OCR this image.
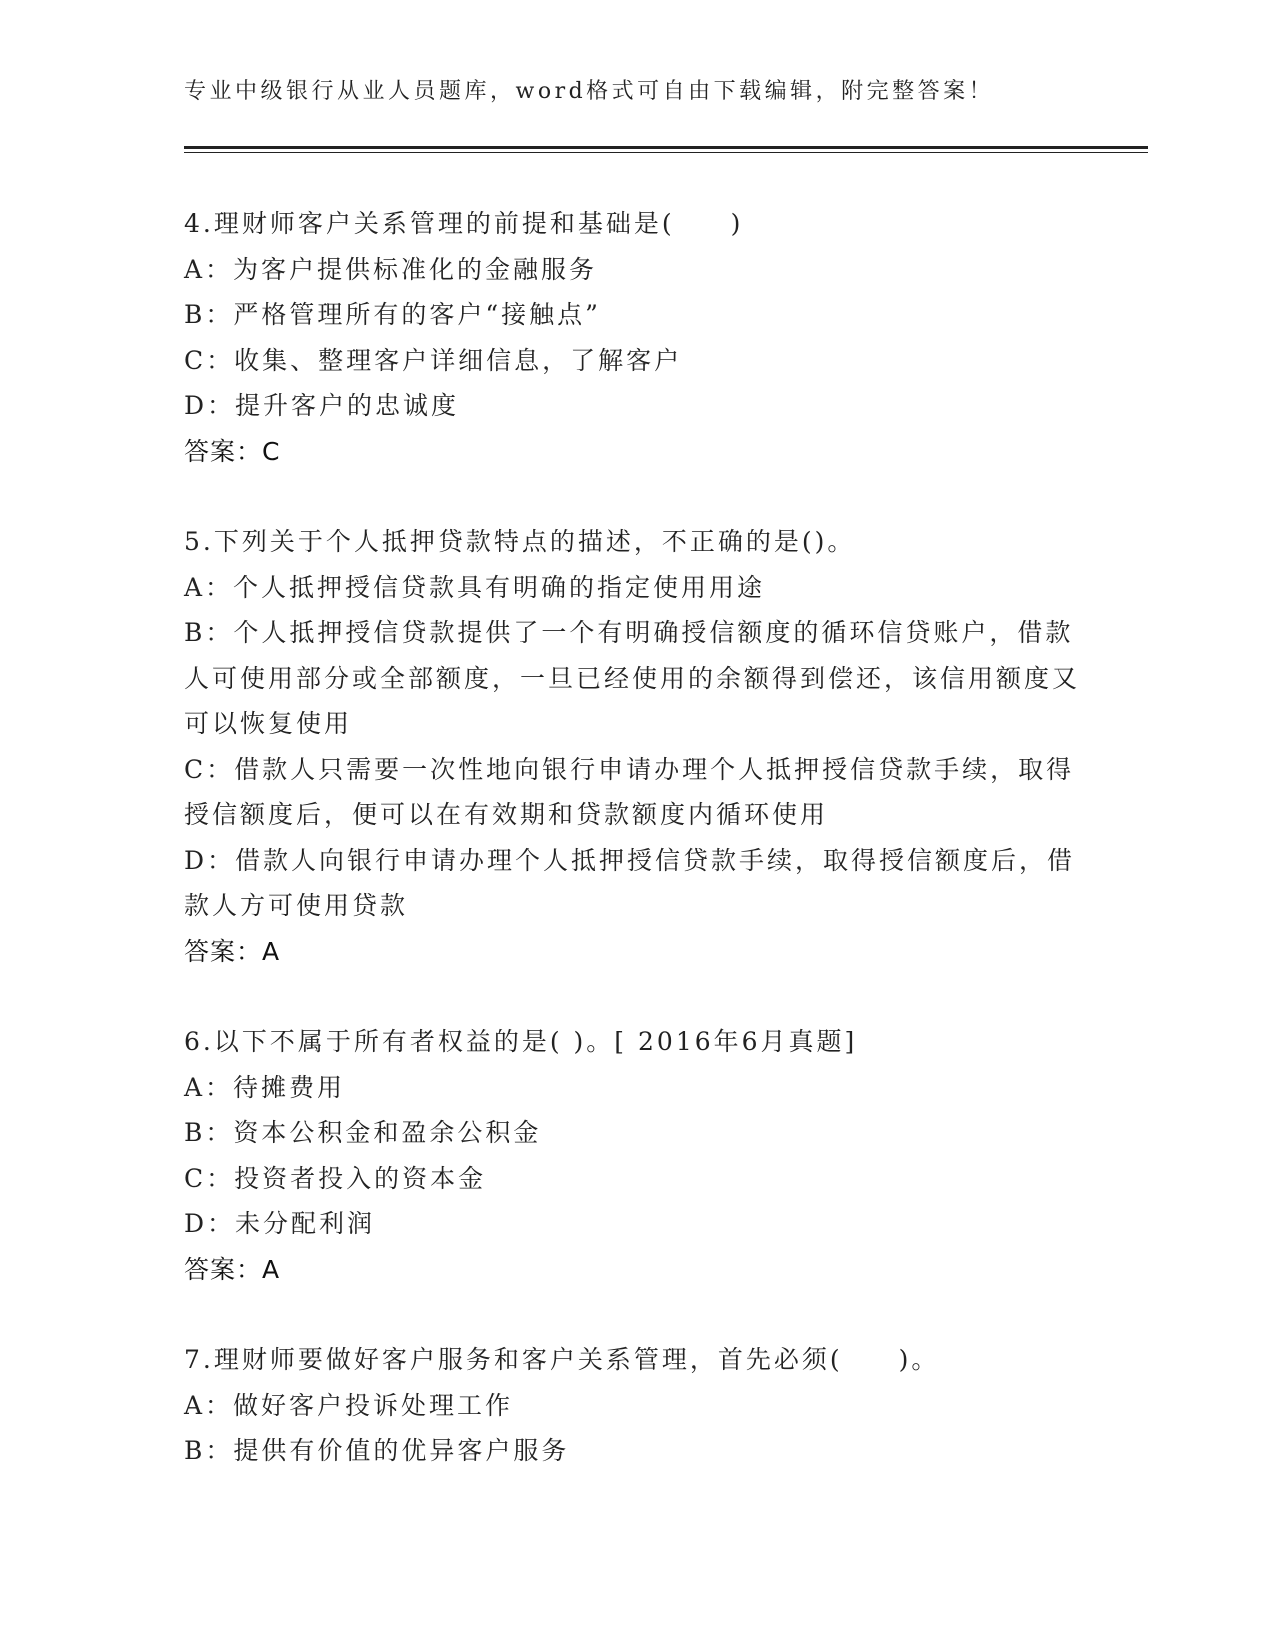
专业中级银行从业人员题库，word格式可自由下载编辑，附完整答案！
4.理财师客户关系管理的前提和基础是(　　)
A：为客户提供标准化的金融服务
B：严格管理所有的客户“接触点”
C：收集、整理客户详细信息，了解客户
D：提升客户的忠诚度
答案：C
5.下列关于个人抵押贷款特点的描述，不正确的是()。
A：个人抵押授信贷款具有明确的指定使用用途
B：个人抵押授信贷款提供了一个有明确授信额度的循环信贷账户，借款人可使用部分或全部额度，一旦已经使用的余额得到偿还，该信用额度又可以恢复使用
C：借款人只需要一次性地向银行申请办理个人抵押授信贷款手续，取得授信额度后，便可以在有效期和贷款额度内循环使用
D：借款人向银行申请办理个人抵押授信贷款手续，取得授信额度后，借款人方可使用贷款
答案：A
6.以下不属于所有者权益的是( )。[ 2016年6月真题]
A：待摊费用
B：资本公积金和盈余公积金
C：投资者投入的资本金
D：未分配利润
答案：A
7.理财师要做好客户服务和客户关系管理，首先必须(　　)。
A：做好客户投诉处理工作
B：提供有价值的优异客户服务
